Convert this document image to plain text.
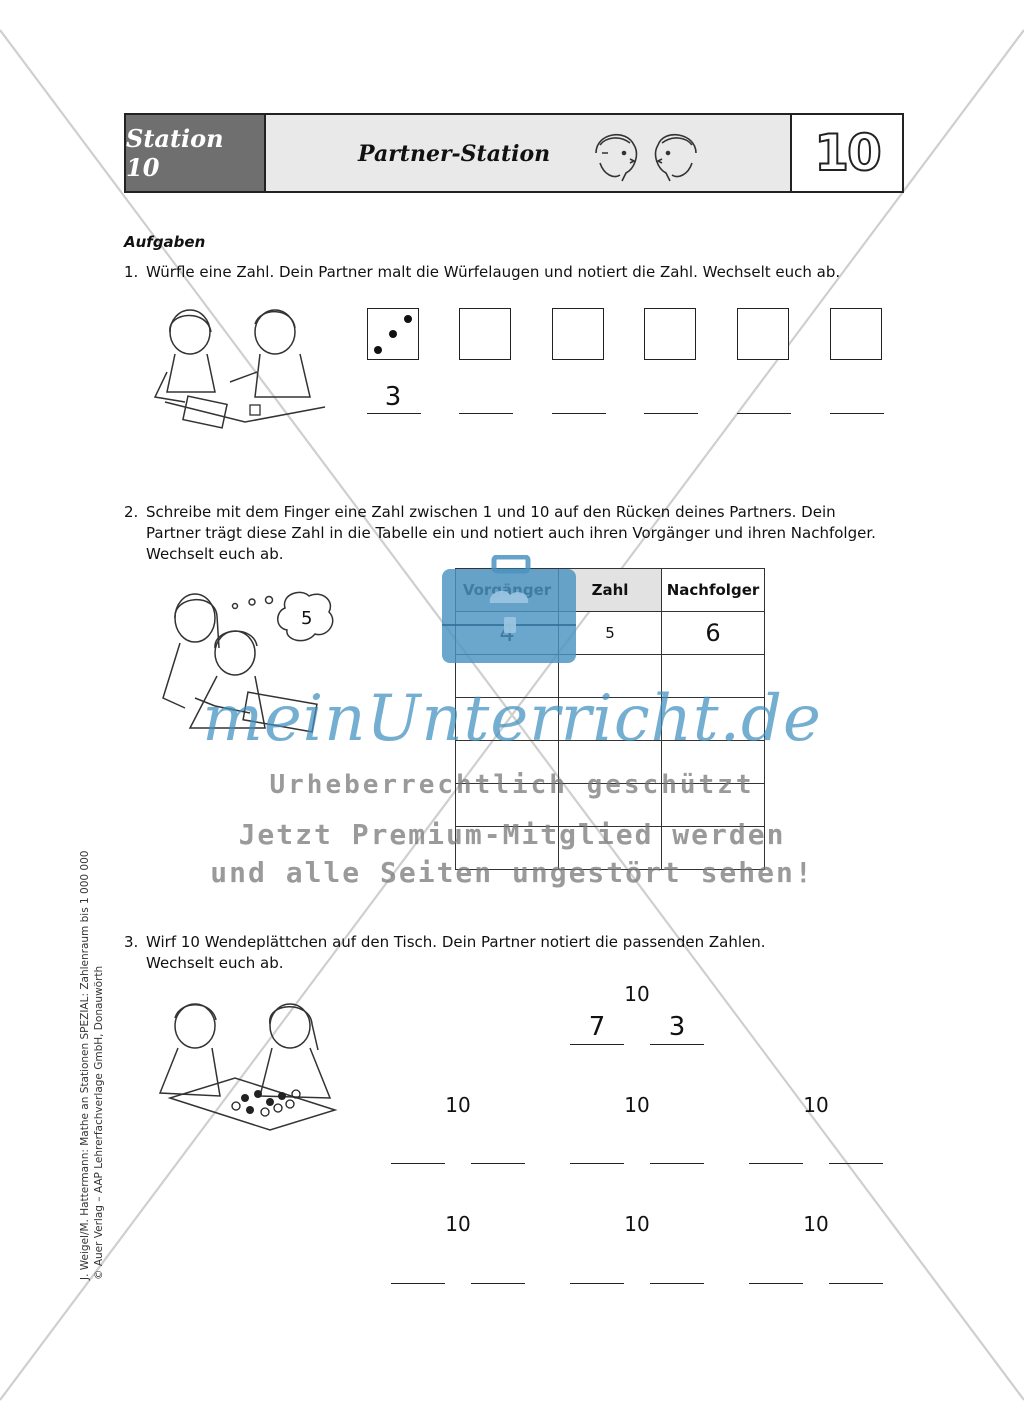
Station 10	Partner-Station	10
Aufgaben
1. Würfle eine Zahl. Dein Partner malt die Würfelaugen und notiert die Zahl. Wechselt euch ab.
3
2. Schreibe mit dem Finger eine Zahl zwischen 1 und 10 auf den Rücken deines Partners. Dein
Partner trägt diese Zahl in die Tabelle ein und notiert auch ihren Vorgänger und ihren Nachfolger.
Wechselt euch ab.
5
	Zahl	Nachfolger
	5	6

meinUnterricht.de
Urheberrechtlich geschützt
Jetzt Premium-Mitglied werden
und alle Seiten ungestört sehen!
3. Wirf 10 Wendeplättchen auf den Tisch. Dein Partner notiert die passenden Zahlen.
Wechselt euch ab.
10
7	3
10	10	10
10	10	10
J. Weigel/M. Hattermann: Mathe an Stationen SPEZIAL: Zahlenraum bis 1 000 000 © Auer Verlag – AAP Lehrerfachverlage GmbH, Donauwörth
